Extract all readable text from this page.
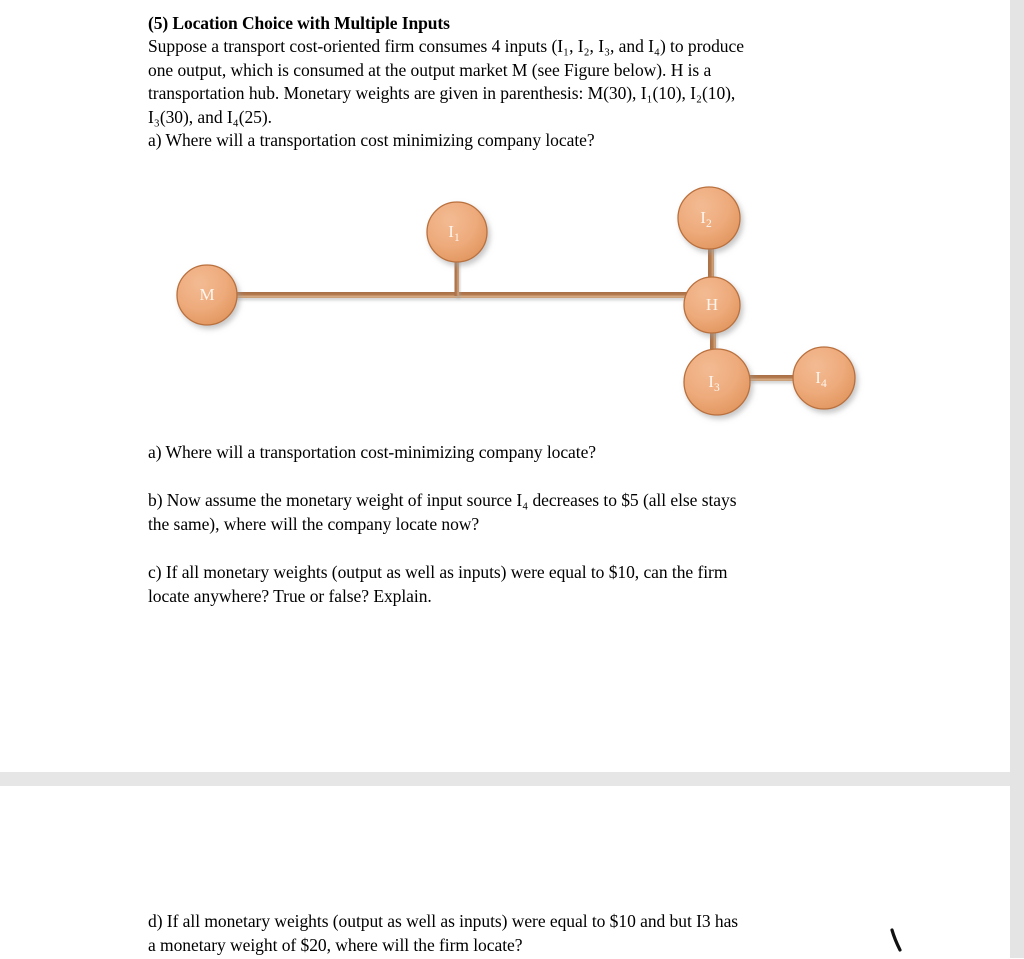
(5) Location Choice with Multiple Inputs
Suppose a transport cost-oriented firm consumes 4 inputs (I₁, I₂, I₃, and I₄) to produce
one output, which is consumed at the output market M (see Figure below). H is a
transportation hub. Monetary weights are given in parenthesis: M(30), I₁(10), I₂(10),
I₃(30), and I₄(25).
a) Where will a transportation cost minimizing company locate?
M
$I_1$
$I_2$
H
$I_3$
$I_4$
a) Where will a transportation cost-minimizing company locate?
b) Now assume the monetary weight of input source I₄ decreases to $5 (all else stays
the same), where will the company locate now?
c) If all monetary weights (output as well as inputs) were equal to $10, can the firm
locate anywhere? True or false? Explain.
d) If all monetary weights (output as well as inputs) were equal to $10 and but I3 has
a monetary weight of $20, where will the firm locate?
